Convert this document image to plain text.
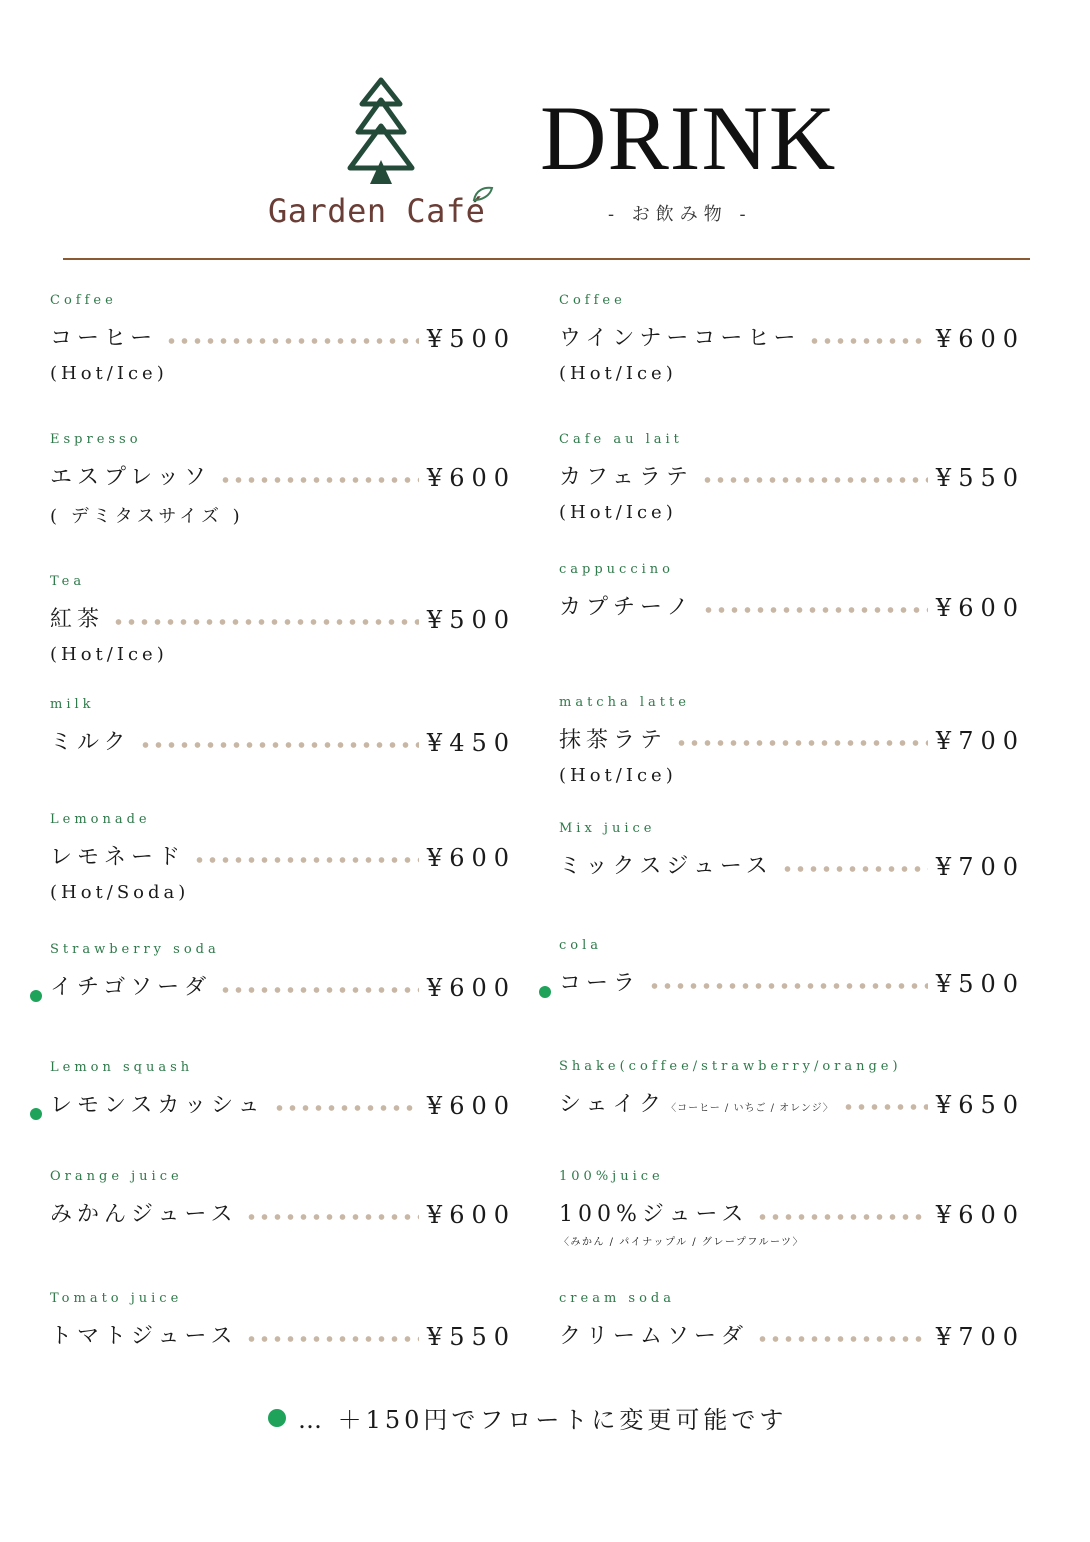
Garden Café
DRINK
- お飲み物 -
Coffee
コーヒー	¥500
(Hot/Ice)
Espresso
エスプレッソ	¥600
( デミタスサイズ )
Tea
紅茶	¥500
(Hot/Ice)
milk
ミルク	¥450
Lemonade
レモネード	¥600
(Hot/Soda)
Strawberry soda
イチゴソーダ	¥600
Lemon squash
レモンスカッシュ	¥600
Orange juice
みかんジュース	¥600
Tomato juice
トマトジュース	¥550
Coffee
ウインナーコーヒー	¥600
(Hot/Ice)
Cafe au lait
カフェラテ	¥550
(Hot/Ice)
cappuccino
カプチーノ	¥600
matcha latte
抹茶ラテ	¥700
(Hot/Ice)
Mix juice
ミックスジュース	¥700
cola
コーラ	¥500
Shake(coffee/strawberry/orange)
シェイク〈コーヒー / いちご / オレンジ〉	¥650
100%juice
100%ジュース	¥600
〈みかん / パイナップル / グレープフルーツ〉
cream soda
クリームソーダ	¥700
… ＋150円でフロートに変更可能です
